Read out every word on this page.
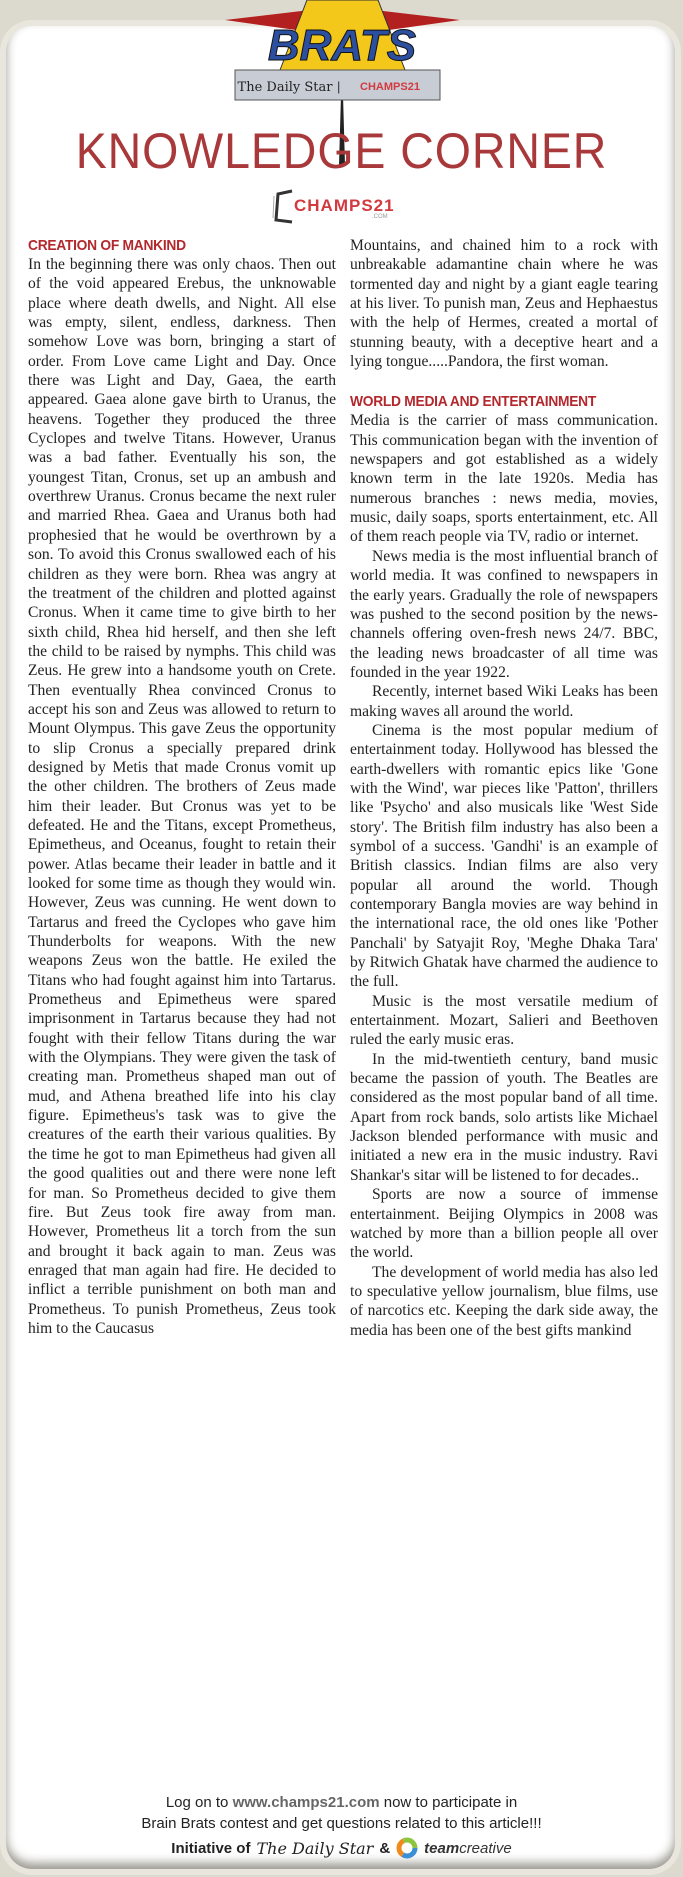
BRATS
The Daily Star | CHAMPS21
KNOWLEDGE CORNER
CHAMPS21
.COM
CREATION OF MANKIND

In the beginning there was only chaos. Then out of the void appeared Erebus, the unknowable place where death dwells, and Night. All else was empty, silent, endless, darkness. Then somehow Love was born, bringing a start of order. From Love came Light and Day. Once there was Light and Day, Gaea, the earth appeared. Gaea alone gave birth to Uranus, the heavens. Together they produced the three Cyclopes and twelve Titans. However, Uranus was a bad father. Eventually his son, the youngest Titan, Cronus, set up an ambush and overthrew Uranus. Cronus became the next ruler and married Rhea. Gaea and Uranus both had prophesied that he would be overthrown by a son. To avoid this Cronus swallowed each of his children as they were born. Rhea was angry at the treatment of the children and plotted against Cronus. When it came time to give birth to her sixth child, Rhea hid herself, and then she left the child to be raised by nymphs. This child was Zeus. He grew into a handsome youth on Crete. Then eventually Rhea convinced Cronus to accept his son and Zeus was allowed to return to Mount Olympus. This gave Zeus the opportunity to slip Cronus a specially prepared drink designed by Metis that made Cronus vomit up the other children. The brothers of Zeus made him their leader. But Cronus was yet to be defeated. He and the Titans, except Prometheus, Epimetheus, and Oceanus, fought to retain their power. Atlas became their leader in battle and it looked for some time as though they would win. However, Zeus was cunning. He went down to Tartarus and freed the Cyclopes who gave him Thunderbolts for weapons. With the new weapons Zeus won the battle. He exiled the Titans who had fought against him into Tartarus. Prometheus and Epimetheus were spared imprisonment in Tartarus because they had not fought with their fellow Titans during the war with the Olympians. They were given the task of creating man. Prometheus shaped man out of mud, and Athena breathed life into his clay figure. Epimetheus's task was to give the creatures of the earth their various qualities. By the time he got to man Epimetheus had given all the good qualities out and there were none left for man. So Prometheus decided to give them fire. But Zeus took fire away from man. However, Prometheus lit a torch from the sun and brought it back again to man. Zeus was enraged that man again had fire. He decided to inflict a terrible punishment on both man and Prometheus. To punish Prometheus, Zeus took him to the Caucasus

Mountains, and chained him to a rock with unbreakable adamantine chain where he was tormented day and night by a giant eagle tearing at his liver. To punish man, Zeus and Hephaestus with the help of Hermes, created a mortal of stunning beauty, with a deceptive heart and a lying tongue.....Pandora, the first woman.

WORLD MEDIA AND ENTERTAINMENT

Media is the carrier of mass communication. This communication began with the invention of newspapers and got established as a widely known term in the late 1920s. Media has numerous branches : news media, movies, music, daily soaps, sports entertainment, etc. All of them reach people via TV, radio or internet.

News media is the most influential branch of world media. It was confined to newspapers in the early years. Gradually the role of newspapers was pushed to the second position by the news-channels offering oven-fresh news 24/7. BBC, the leading news broadcaster of all time was founded in the year 1922.

Recently, internet based Wiki Leaks has been making waves all around the world.

Cinema is the most popular medium of entertainment today. Hollywood has blessed the earth-dwellers with romantic epics like 'Gone with the Wind', war pieces like 'Patton', thrillers like 'Psycho' and also musicals like 'West Side story'. The British film industry has also been a symbol of a success. 'Gandhi' is an example of British classics. Indian films are also very popular all around the world. Though contemporary Bangla movies are way behind in the international race, the old ones like 'Pother Panchali' by Satyajit Roy, 'Meghe Dhaka Tara' by Ritwich Ghatak have charmed the audience to the full.

Music is the most versatile medium of entertainment. Mozart, Salieri and Beethoven ruled the early music eras.

In the mid-twentieth century, band music became the passion of youth. The Beatles are considered as the most popular band of all time. Apart from rock bands, solo artists like Michael Jackson blended performance with music and initiated a new era in the music industry. Ravi Shankar's sitar will be listened to for decades..

Sports are now a source of immense entertainment. Beijing Olympics in 2008 was watched by more than a billion people all over the world.

The development of world media has also led to speculative yellow journalism, blue films, use of narcotics etc. Keeping the dark side away, the media has been one of the best gifts mankind

Log on to www.champs21.com now to participate in
Brain Brats contest and get questions related to this article!!!
Initiative of The Daily Star & teamcreative
